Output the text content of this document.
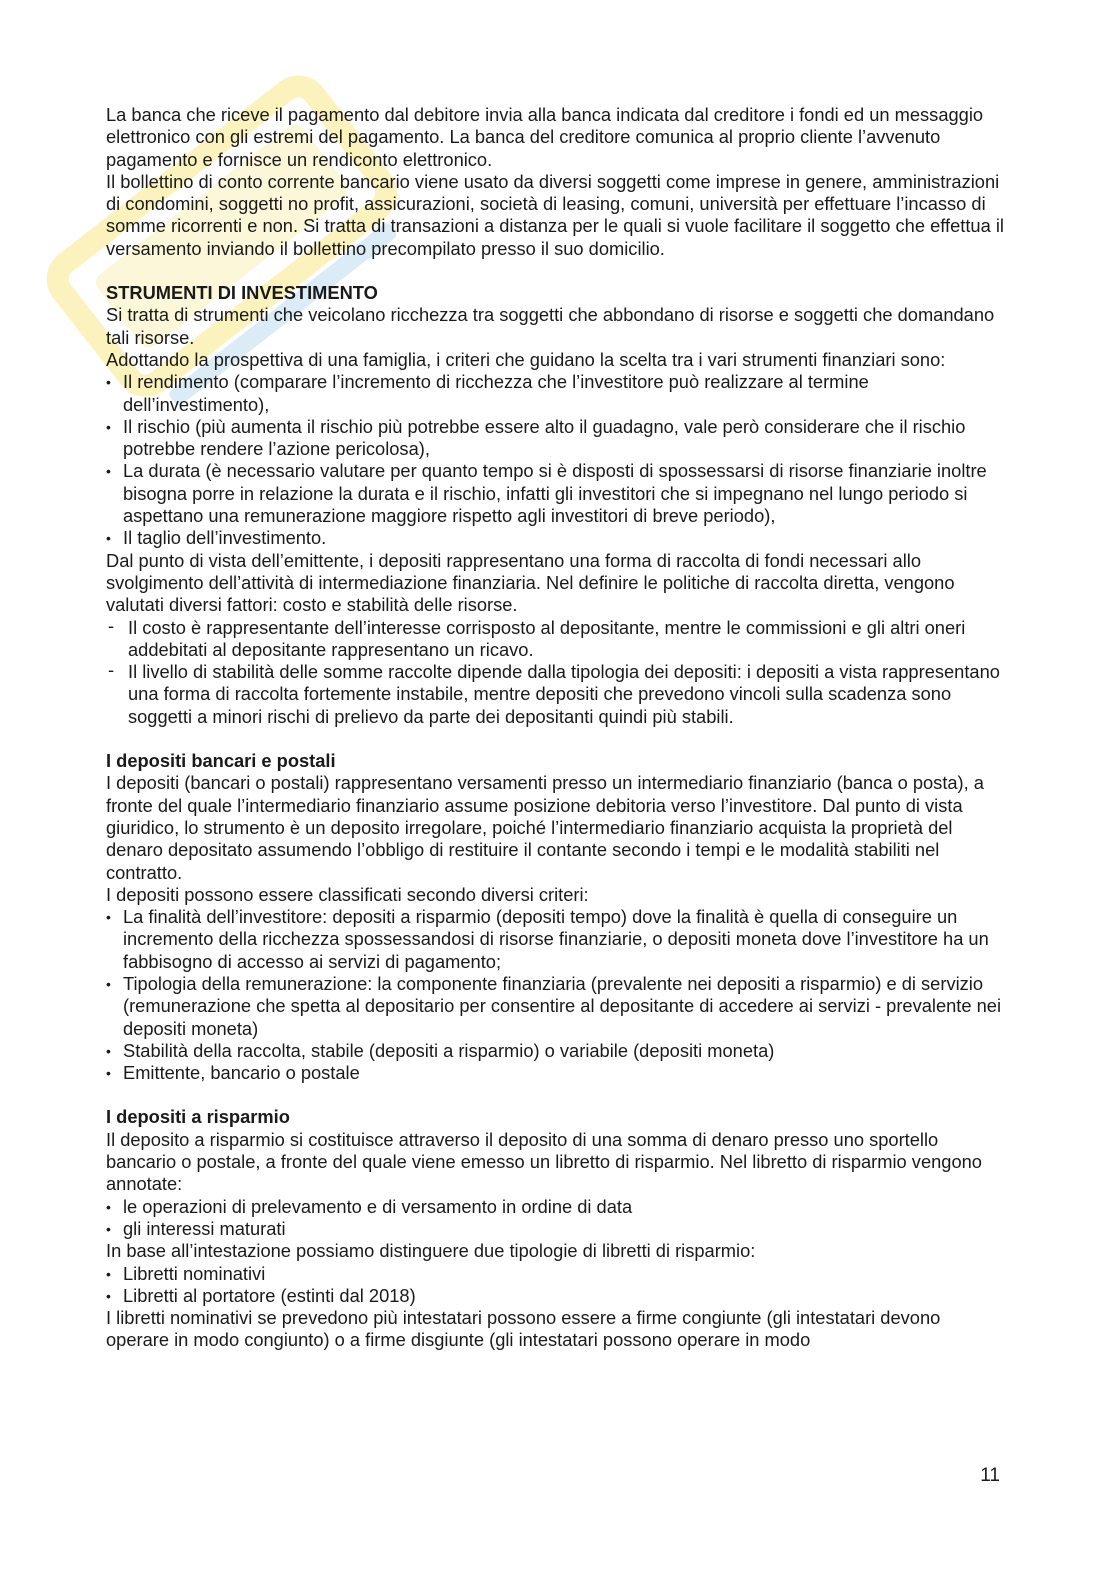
La banca che riceve il pagamento dal debitore invia alla banca indicata dal creditore i fondi ed un messaggio elettronico con gli estremi del pagamento. La banca del creditore comunica al proprio cliente l’avvenuto pagamento e fornisce un rendiconto elettronico.

Il bollettino di conto corrente bancario viene usato da diversi soggetti come imprese in genere, amministrazioni di condomini, soggetti no profit, assicurazioni, società di leasing, comuni, università per effettuare l’incasso di somme ricorrenti e non. Si tratta di transazioni a distanza per le quali si vuole facilitare il soggetto che effettua il versamento inviando il bollettino precompilato presso il suo domicilio.

STRUMENTI DI INVESTIMENTO

Si tratta di strumenti che veicolano ricchezza tra soggetti che abbondano di risorse e soggetti che domandano tali risorse.

Adottando la prospettiva di una famiglia, i criteri che guidano la scelta tra i vari strumenti finanziari sono:

• Il rendimento (comparare l’incremento di ricchezza che l’investitore può realizzare al termine dell’investimento),
• Il rischio (più aumenta il rischio più potrebbe essere alto il guadagno, vale però considerare che il rischio potrebbe rendere l’azione pericolosa),
• La durata (è necessario valutare per quanto tempo si è disposti di spossessarsi di risorse finanziarie inoltre bisogna porre in relazione la durata e il rischio, infatti gli investitori che si impegnano nel lungo periodo si aspettano una remunerazione maggiore rispetto agli investitori di breve periodo),
• Il taglio dell’investimento.

Dal punto di vista dell’emittente, i depositi rappresentano una forma di raccolta di fondi necessari allo svolgimento dell’attività di intermediazione finanziaria. Nel definire le politiche di raccolta diretta, vengono valutati diversi fattori: costo e stabilità delle risorse.

- Il costo è rappresentante dell’interesse corrisposto al depositante, mentre le commissioni e gli altri oneri addebitati al depositante rappresentano un ricavo.
- Il livello di stabilità delle somme raccolte dipende dalla tipologia dei depositi: i depositi a vista rappresentano una forma di raccolta fortemente instabile, mentre depositi che prevedono vincoli sulla scadenza sono soggetti a minori rischi di prelievo da parte dei depositanti quindi più stabili.
I depositi bancari e postali

I depositi (bancari o postali) rappresentano versamenti presso un intermediario finanziario (banca o posta), a fronte del quale l’intermediario finanziario assume posizione debitoria verso l’investitore. Dal punto di vista giuridico, lo strumento è un deposito irregolare, poiché l’intermediario finanziario acquista la proprietà del denaro depositato assumendo l’obbligo di restituire il contante secondo i tempi e le modalità stabiliti nel contratto.

I depositi possono essere classificati secondo diversi criteri:

• La finalità dell’investitore: depositi a risparmio (depositi tempo) dove la finalità è quella di conseguire un incremento della ricchezza spossessandosi di risorse finanziarie, o depositi moneta dove l’investitore ha un fabbisogno di accesso ai servizi di pagamento;
• Tipologia della remunerazione: la componente finanziaria (prevalente nei depositi a risparmio) e di servizio (remunerazione che spetta al depositario per consentire al depositante di accedere ai servizi - prevalente nei depositi moneta)
• Stabilità della raccolta, stabile (depositi a risparmio) o variabile (depositi moneta)
• Emittente, bancario o postale
I depositi a risparmio

Il deposito a risparmio si costituisce attraverso il deposito di una somma di denaro presso uno sportello bancario o postale, a fronte del quale viene emesso un libretto di risparmio. Nel libretto di risparmio vengono annotate:

• le operazioni di prelevamento e di versamento in ordine di data
• gli interessi maturati

In base all’intestazione possiamo distinguere due tipologie di libretti di risparmio:

• Libretti nominativi
• Libretti al portatore (estinti dal 2018)

I libretti nominativi se prevedono più intestatari possono essere a firme congiunte (gli intestatari devono operare in modo congiunto) o a firme disgiunte (gli intestatari possono operare in modo

11
